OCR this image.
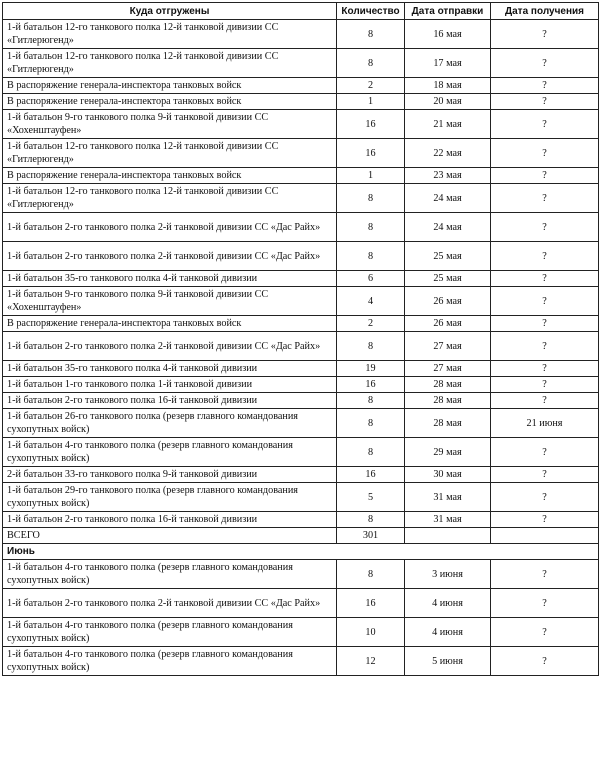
Куда отгружены	Количество	Дата отправки	Дата получения
1-й батальон 12-го танкового полка 12-й танковой дивизии СС «Гитлерюгенд»	8	16 мая	?
1-й батальон 12-го танкового полка 12-й танковой дивизии СС «Гитлерюгенд»	8	17 мая	?
В распоряжение генерала-инспектора танковых войск	2	18 мая	?
В распоряжение генерала-инспектора танковых войск	1	20 мая	?
1-й батальон 9-го танкового полка 9-й танковой дивизии СС «Хохенштауфен»	16	21 мая	?
1-й батальон 12-го танкового полка 12-й танковой дивизии СС «Гитлерюгенд»	16	22 мая	?
В распоряжение генерала-инспектора танковых войск	1	23 мая	?
1-й батальон 12-го танкового полка 12-й танковой дивизии СС «Гитлерюгенд»	8	24 мая	?
1-й батальон 2-го танкового полка 2-й танковой дивизии СС «Дас Райх»	8	24 мая	?
1-й батальон 2-го танкового полка 2-й танковой дивизии СС «Дас Райх»	8	25 мая	?
1-й батальон 35-го танкового полка 4-й танковой дивизии	6	25 мая	?
1-й батальон 9-го танкового полка 9-й танковой дивизии СС «Хохенштауфен»	4	26 мая	?
В распоряжение генерала-инспектора танковых войск	2	26 мая	?
1-й батальон 2-го танкового полка 2-й танковой дивизии СС «Дас Райх»	8	27 мая	?
1-й батальон 35-го танкового полка 4-й танковой дивизии	19	27 мая	?
1-й батальон 1-го танкового полка 1-й танковой дивизии	16	28 мая	?
1-й батальон 2-го танкового полка 16-й танковой дивизии	8	28 мая	?
1-й батальон 26-го танкового полка (резерв главного командования сухопутных войск)	8	28 мая	21 июня
1-й батальон 4-го танкового полка (резерв главного командования сухопутных войск)	8	29 мая	?
2-й батальон 33-го танкового полка 9-й танковой дивизии	16	30 мая	?
1-й батальон 29-го танкового полка (резерв главного командования сухопутных войск)	5	31 мая	?
1-й батальон 2-го танкового полка 16-й танковой дивизии	8	31 мая	?
ВСЕГО	301		
Июнь			
1-й батальон 4-го танкового полка (резерв главного командования сухопутных войск)	8	3 июня	?
1-й батальон 2-го танкового полка 2-й танковой дивизии СС «Дас Райх»	16	4 июня	?
1-й батальон 4-го танкового полка (резерв главного командования сухопутных войск)	10	4 июня	?
1-й батальон 4-го танкового полка (резерв главного командования сухопутных войск)	12	5 июня	?
